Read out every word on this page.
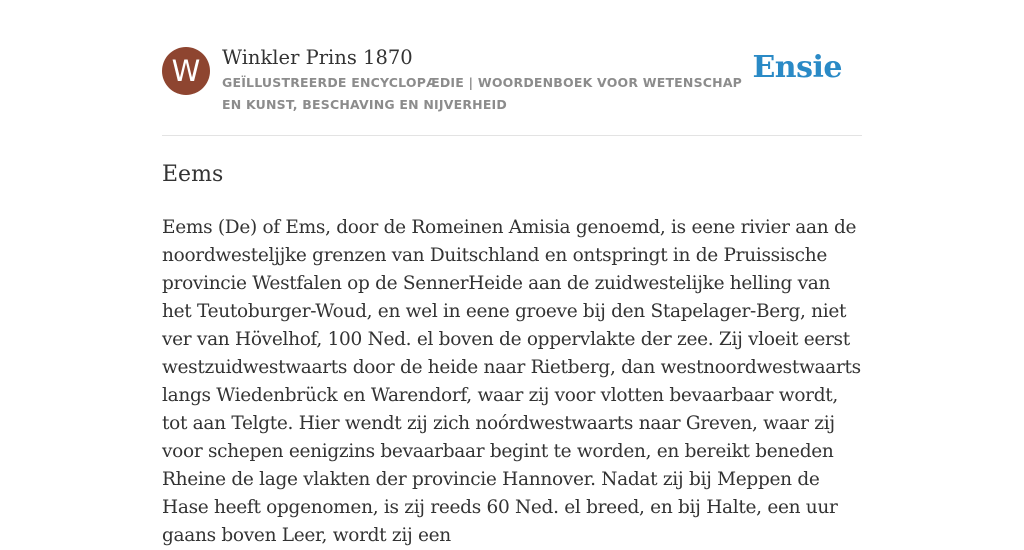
W	Winkler Prins 1870
GEÏLLUSTREERDE ENCYCLOPÆDIE | WOORDENBOEK VOOR WETENSCHAP EN KUNST, BESCHAVING EN NIJVERHEID
Ensie
Eems
Eems (De) of Ems, door de Romeinen Amisia genoemd, is eene rivier aan de noordwesteljjke grenzen van Duitschland en ontspringt in de Pruissische provincie Westfalen op de SennerHeide aan de zuidwestelijke helling van het Teutoburger-Woud, en wel in eene groeve bij den Stapelager-Berg, niet ver van Hövelhof, 100 Ned. el boven de oppervlakte der zee. Zij vloeit eerst westzuidwestwaarts door de heide naar Rietberg, dan westnoordwestwaarts langs Wiedenbrück en Warendorf, waar zij voor vlotten bevaarbaar wordt, tot aan Telgte. Hier wendt zij zich noórdwestwaarts naar Greven, waar zij voor schepen eenigzins bevaarbaar begint te worden, en bereikt beneden Rheine de lage vlakten der provincie Hannover. Nadat zij bij Meppen de Hase heeft opgenomen, is zij reeds 60 Ned. el breed, en bij Halte, een uur gaans boven Leer, wordt zij een
